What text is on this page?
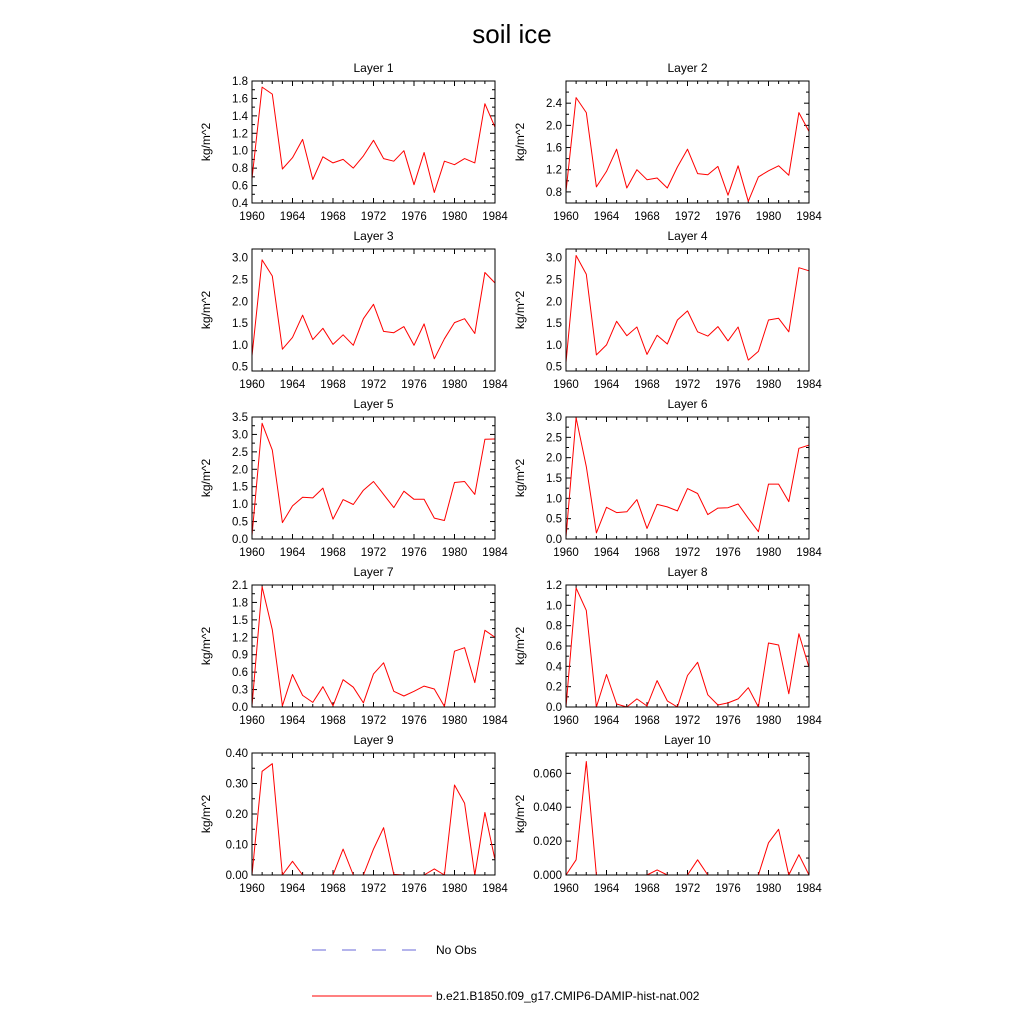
soil ice
Layer 1
kg/m^2
1960 1964 1968 1972 1976 1980 1984
0.4
0.6
0.8
1.0
1.2
1.4
1.6
1.8
Layer 2
kg/m^2
1960 1964 1968 1972 1976 1980 1984
0.8
1.2
1.6
2.0
2.4
Layer 3
kg/m^2
1960 1964 1968 1972 1976 1980 1984
0.5
1.0
1.5
2.0
2.5
3.0
Layer 4
kg/m^2
1960 1964 1968 1972 1976 1980 1984
0.5
1.0
1.5
2.0
2.5
3.0
Layer 5
kg/m^2
1960 1964 1968 1972 1976 1980 1984
0.0
0.5
1.0
1.5
2.0
2.5
3.0
3.5
Layer 6
kg/m^2
1960 1964 1968 1972 1976 1980 1984
0.0
0.5
1.0
1.5
2.0
2.5
3.0
Layer 7
kg/m^2
1960 1964 1968 1972 1976 1980 1984
0.0
0.3
0.6
0.9
1.2
1.5
1.8
2.1
Layer 8
kg/m^2
1960 1964 1968 1972 1976 1980 1984
0.0
0.2
0.4
0.6
0.8
1.0
1.2
Layer 9
kg/m^2
1960 1964 1968 1972 1976 1980 1984
0.00
0.10
0.20
0.30
0.40
Layer 10
kg/m^2
1960 1964 1968 1972 1976 1980 1984
0.000
0.020
0.040
0.060
No Obs
b.e21.B1850.f09_g17.CMIP6-DAMIP-hist-nat.002
